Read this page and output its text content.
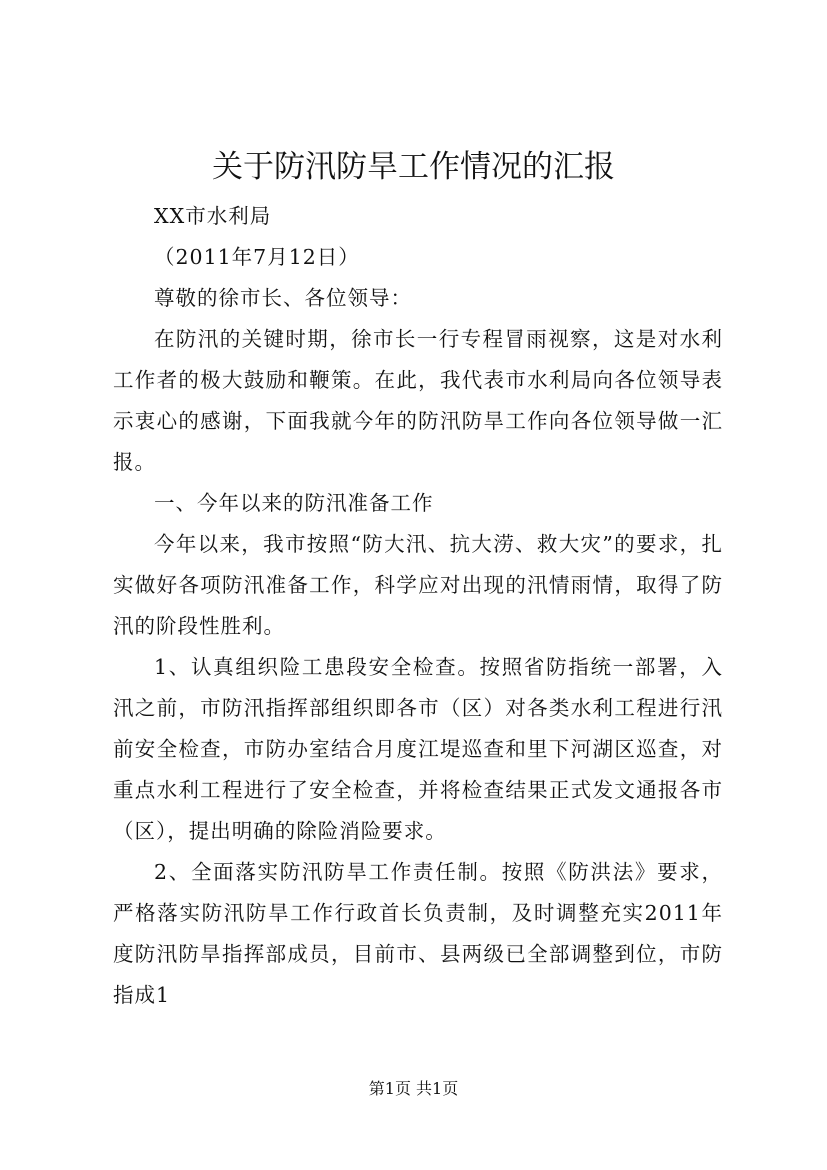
关于防汛防旱工作情况的汇报

XX市水利局

（2011年7月12日）

尊敬的徐市长、各位领导：

在防汛的关键时期，徐市长一行专程冒雨视察，这是对水利工作者的极大鼓励和鞭策。在此，我代表市水利局向各位领导表示衷心的感谢，下面我就今年的防汛防旱工作向各位领导做一汇报。

一、今年以来的防汛准备工作

今年以来，我市按照“防大汛、抗大涝、救大灾”的要求，扎实做好各项防汛准备工作，科学应对出现的汛情雨情，取得了防汛的阶段性胜利。

1、认真组织险工患段安全检查。按照省防指统一部署，入汛之前，市防汛指挥部组织即各市（区）对各类水利工程进行汛前安全检查，市防办室结合月度江堤巡查和里下河湖区巡查，对重点水利工程进行了安全检查，并将检查结果正式发文通报各市（区），提出明确的除险消险要求。

2、全面落实防汛防旱工作责任制。按照《防洪法》要求，严格落实防汛防旱工作行政首长负责制，及时调整充实2011年度防汛防旱指挥部成员，目前市、县两级已全部调整到位，市防指成1

第1页 共1页
